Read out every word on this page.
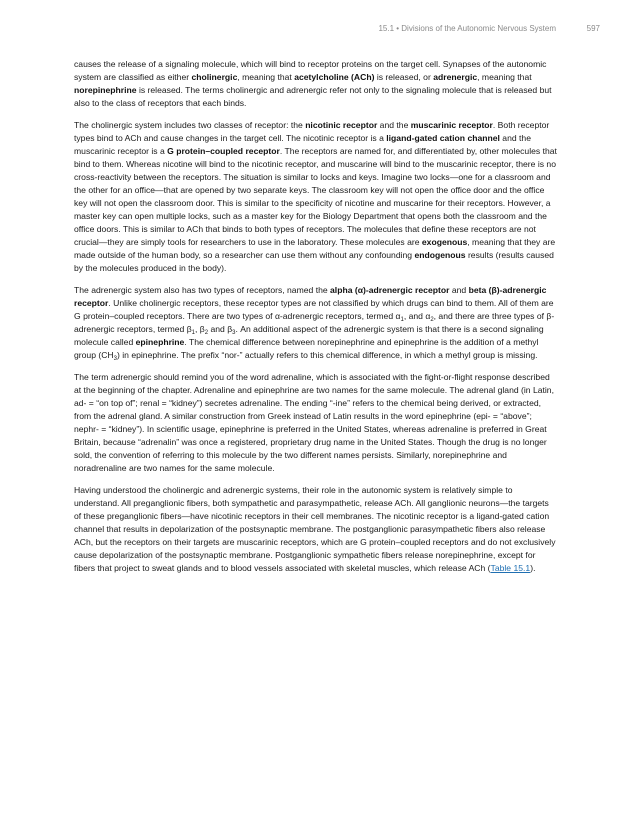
15.1 • Divisions of the Autonomic Nervous System	597

causes the release of a signaling molecule, which will bind to receptor proteins on the target cell. Synapses of the autonomic system are classified as either cholinergic, meaning that acetylcholine (ACh) is released, or adrenergic, meaning that norepinephrine is released. The terms cholinergic and adrenergic refer not only to the signaling molecule that is released but also to the class of receptors that each binds.

The cholinergic system includes two classes of receptor: the nicotinic receptor and the muscarinic receptor. Both receptor types bind to ACh and cause changes in the target cell. The nicotinic receptor is a ligand-gated cation channel and the muscarinic receptor is a G protein–coupled receptor. The receptors are named for, and differentiated by, other molecules that bind to them. Whereas nicotine will bind to the nicotinic receptor, and muscarine will bind to the muscarinic receptor, there is no cross-reactivity between the receptors. The situation is similar to locks and keys. Imagine two locks—one for a classroom and the other for an office—that are opened by two separate keys. The classroom key will not open the office door and the office key will not open the classroom door. This is similar to the specificity of nicotine and muscarine for their receptors. However, a master key can open multiple locks, such as a master key for the Biology Department that opens both the classroom and the office doors. This is similar to ACh that binds to both types of receptors. The molecules that define these receptors are not crucial—they are simply tools for researchers to use in the laboratory. These molecules are exogenous, meaning that they are made outside of the human body, so a researcher can use them without any confounding endogenous results (results caused by the molecules produced in the body).

The adrenergic system also has two types of receptors, named the alpha (α)-adrenergic receptor and beta (β)-adrenergic receptor. Unlike cholinergic receptors, these receptor types are not classified by which drugs can bind to them. All of them are G protein–coupled receptors. There are two types of α-adrenergic receptors, termed $\alpha_1$, and $\alpha_2$, and there are three types of β-adrenergic receptors, termed $\beta_1$, $\beta_2$ and $\beta_3$. An additional aspect of the adrenergic system is that there is a second signaling molecule called epinephrine. The chemical difference between norepinephrine and epinephrine is the addition of a methyl group $(CH_3)$ in epinephrine. The prefix “nor-” actually refers to this chemical difference, in which a methyl group is missing.

The term adrenergic should remind you of the word adrenaline, which is associated with the fight-or-flight response described at the beginning of the chapter. Adrenaline and epinephrine are two names for the same molecule. The adrenal gland (in Latin, ad- = “on top of”; renal = “kidney”) secretes adrenaline. The ending “-ine” refers to the chemical being derived, or extracted, from the adrenal gland. A similar construction from Greek instead of Latin results in the word epinephrine (epi- = “above”; nephr- = “kidney”). In scientific usage, epinephrine is preferred in the United States, whereas adrenaline is preferred in Great Britain, because “adrenalin” was once a registered, proprietary drug name in the United States. Though the drug is no longer sold, the convention of referring to this molecule by the two different names persists. Similarly, norepinephrine and noradrenaline are two names for the same molecule.

Having understood the cholinergic and adrenergic systems, their role in the autonomic system is relatively simple to understand. All preganglionic fibers, both sympathetic and parasympathetic, release ACh. All ganglionic neurons—the targets of these preganglionic fibers—have nicotinic receptors in their cell membranes. The nicotinic receptor is a ligand-gated cation channel that results in depolarization of the postsynaptic membrane. The postganglionic parasympathetic fibers also release ACh, but the receptors on their targets are muscarinic receptors, which are G protein–coupled receptors and do not exclusively cause depolarization of the postsynaptic membrane. Postganglionic sympathetic fibers release norepinephrine, except for fibers that project to sweat glands and to blood vessels associated with skeletal muscles, which release ACh (Table 15.1).
